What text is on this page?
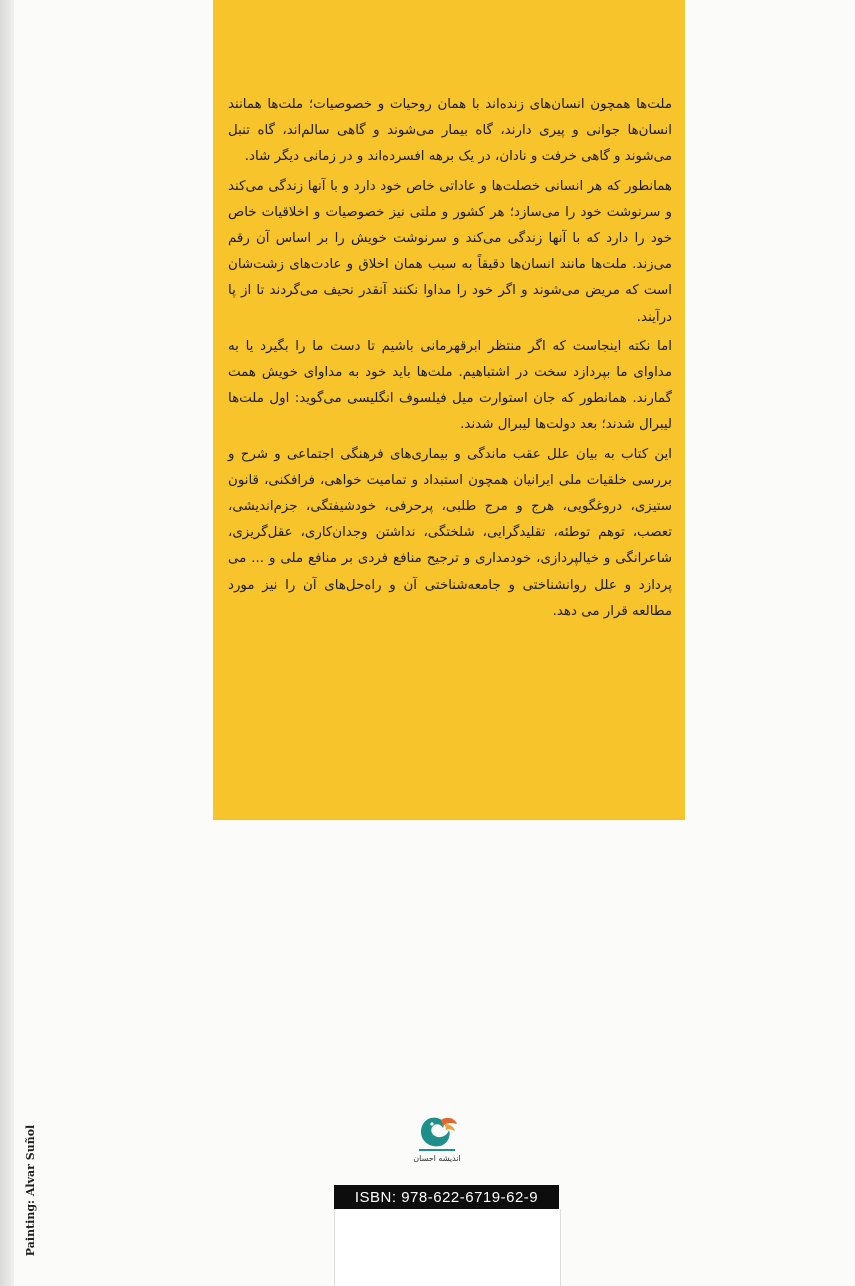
Painting: Alvar Suñol

ملت‌ها همچون انسان‌های زنده‌اند با همان روحیات و خصوصیات؛ ملت‌ها همانند انسان‌ها جوانی و پیری دارند، گاه بیمار می‌شوند و گاهی سالم‌اند، گاه تنبل می‌شوند و گاهی خرفت و نادان، در یک برهه افسرده‌اند و در زمانی دیگر شاد.

همانطور که هر انسانی خصلت‌ها و عاداتی خاص خود دارد و با آنها زندگی می‌کند و سرنوشت خود را می‌سازد؛ هر کشور و ملتی نیز خصوصیات و اخلاقیات خاص خود را دارد که با آنها زندگی می‌کند و سرنوشت خویش را بر اساس آن رقم می‌زند. ملت‌ها مانند انسان‌ها دقیقاً به سبب همان اخلاق و عادت‌های زشت‌شان است که مریض می‌شوند و اگر خود را مداوا نکنند آنقدر نحیف می‌گردند تا از پا درآیند.

اما نکته اینجاست که اگر منتظر ابرقهرمانی باشیم تا دست ما را بگیرد یا به مداوای ما بپردازد سخت در اشتباهیم. ملت‌ها باید خود به مداوای خویش همت گمارند. همانطور که جان استوارت میل فیلسوف انگلیسی می‌گوید: اول ملت‌ها لیبرال شدند؛ بعد دولت‌ها لیبرال شدند.

این کتاب به بیان علل عقب ماندگی و بیماری‌های فرهنگی اجتماعی و شرح و بررسی خلقیات ملی ایرانیان همچون استبداد و تمامیت خواهی، فرافکنی، قانون ستیزی، دروغگویی، هرج و مرج طلبی، پرحرفی، خودشیفتگی، جزم‌اندیشی، تعصب، توهم توطئه، تقلیدگرایی، شلختگی، نداشتن وجدان‌کاری، عقل‌گریزی، شاعرانگی و خیالپردازی، خودمداری و ترجیح منافع فردی بر منافع ملی و ... می پردازد و علل روانشناختی و جامعه‌شناختی آن و راه‌حل‌های آن را نیز مورد مطالعه قرار می دهد.

اندیشه احسان
ISBN: 978-622-6719-62-9
